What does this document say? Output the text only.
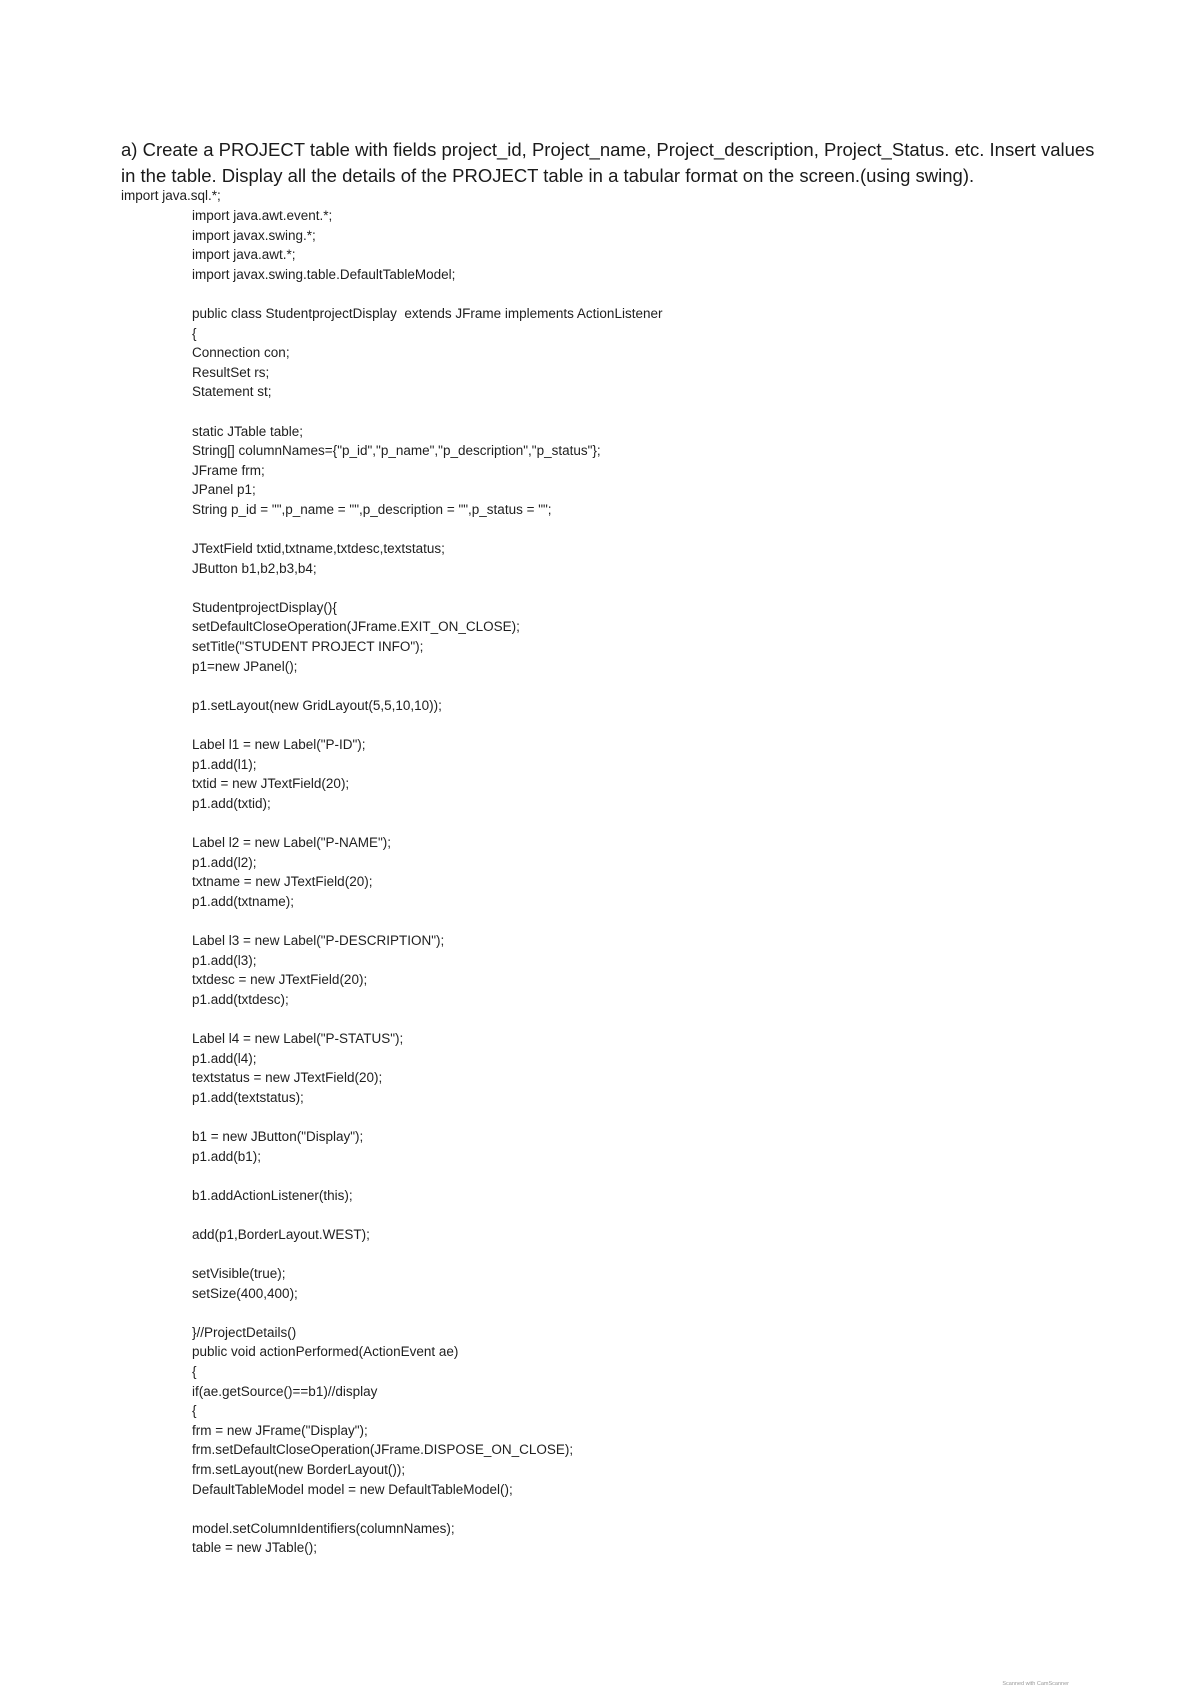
a) Create a PROJECT table with fields project_id, Project_name, Project_description, Project_Status. etc. Insert values
in the table. Display all the details of the PROJECT table in a tabular format on the screen.(using swing).
import java.sql.*;
import java.awt.event.*;
import javax.swing.*;
import java.awt.*;
import javax.swing.table.DefaultTableModel;
public class StudentprojectDisplay  extends JFrame implements ActionListener
{
Connection con;
ResultSet rs;
Statement st;
static JTable table;
String[] columnNames={"p_id","p_name","p_description","p_status"};
JFrame frm;
JPanel p1;
String p_id = "",p_name = "",p_description = "",p_status = "";
JTextField txtid,txtname,txtdesc,textstatus;
JButton b1,b2,b3,b4;
StudentprojectDisplay(){
setDefaultCloseOperation(JFrame.EXIT_ON_CLOSE);
setTitle("STUDENT PROJECT INFO");
p1=new JPanel();
p1.setLayout(new GridLayout(5,5,10,10));
Label l1 = new Label("P-ID");
p1.add(l1);
txtid = new JTextField(20);
p1.add(txtid);
Label l2 = new Label("P-NAME");
p1.add(l2);
txtname = new JTextField(20);
p1.add(txtname);
Label l3 = new Label("P-DESCRIPTION");
p1.add(l3);
txtdesc = new JTextField(20);
p1.add(txtdesc);
Label l4 = new Label("P-STATUS");
p1.add(l4);
textstatus = new JTextField(20);
p1.add(textstatus);
b1 = new JButton("Display");
p1.add(b1);
b1.addActionListener(this);
add(p1,BorderLayout.WEST);
setVisible(true);
setSize(400,400);
}//ProjectDetails()
public void actionPerformed(ActionEvent ae)
{
if(ae.getSource()==b1)//display
{
frm = new JFrame("Display");
frm.setDefaultCloseOperation(JFrame.DISPOSE_ON_CLOSE);
frm.setLayout(new BorderLayout());
DefaultTableModel model = new DefaultTableModel();
model.setColumnIdentifiers(columnNames);
table = new JTable();
Scanned with CamScanner
